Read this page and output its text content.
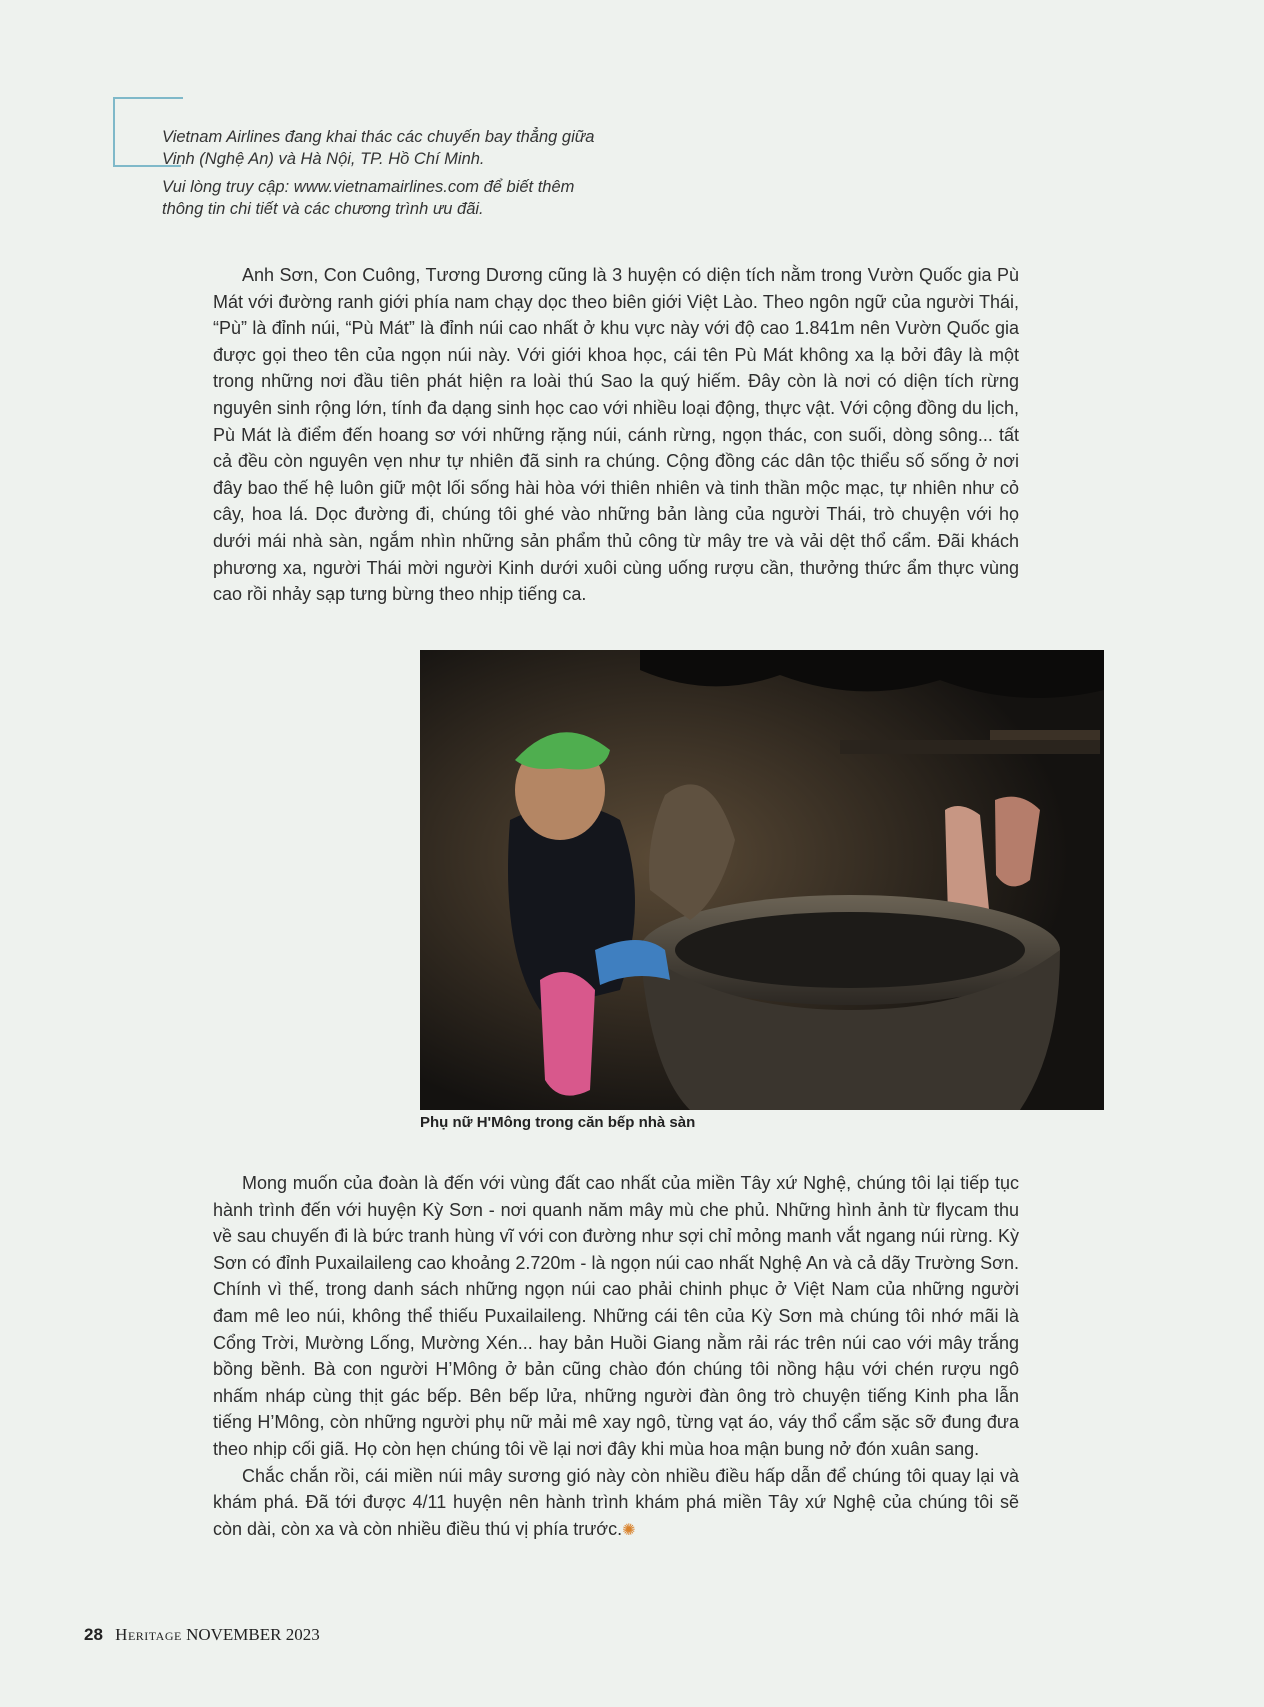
Vietnam Airlines đang khai thác các chuyến bay thẳng giữa Vinh (Nghệ An) và Hà Nội, TP. Hồ Chí Minh.

Vui lòng truy cập: www.vietnamairlines.com để biết thêm thông tin chi tiết và các chương trình ưu đãi.

Anh Sơn, Con Cuông, Tương Dương cũng là 3 huyện có diện tích nằm trong Vườn Quốc gia Pù Mát với đường ranh giới phía nam chạy dọc theo biên giới Việt Lào. Theo ngôn ngữ của người Thái, “Pù” là đỉnh núi, “Pù Mát” là đỉnh núi cao nhất ở khu vực này với độ cao 1.841m nên Vườn Quốc gia được gọi theo tên của ngọn núi này. Với giới khoa học, cái tên Pù Mát không xa lạ bởi đây là một trong những nơi đầu tiên phát hiện ra loài thú Sao la quý hiếm. Đây còn là nơi có diện tích rừng nguyên sinh rộng lớn, tính đa dạng sinh học cao với nhiều loại động, thực vật. Với cộng đồng du lịch, Pù Mát là điểm đến hoang sơ với những rặng núi, cánh rừng, ngọn thác, con suối, dòng sông... tất cả đều còn nguyên vẹn như tự nhiên đã sinh ra chúng. Cộng đồng các dân tộc thiểu số sống ở nơi đây bao thế hệ luôn giữ một lối sống hài hòa với thiên nhiên và tinh thần mộc mạc, tự nhiên như cỏ cây, hoa lá. Dọc đường đi, chúng tôi ghé vào những bản làng của người Thái, trò chuyện với họ dưới mái nhà sàn, ngắm nhìn những sản phẩm thủ công từ mây tre và vải dệt thổ cẩm. Đãi khách phương xa, người Thái mời người Kinh dưới xuôi cùng uống rượu cần, thưởng thức ẩm thực vùng cao rồi nhảy sạp tưng bừng theo nhịp tiếng ca.

Phụ nữ H'Mông trong căn bếp nhà sàn

Mong muốn của đoàn là đến với vùng đất cao nhất của miền Tây xứ Nghệ, chúng tôi lại tiếp tục hành trình đến với huyện Kỳ Sơn - nơi quanh năm mây mù che phủ. Những hình ảnh từ flycam thu về sau chuyến đi là bức tranh hùng vĩ với con đường như sợi chỉ mỏng manh vắt ngang núi rừng. Kỳ Sơn có đỉnh Puxailaileng cao khoảng 2.720m - là ngọn núi cao nhất Nghệ An và cả dãy Trường Sơn. Chính vì thế, trong danh sách những ngọn núi cao phải chinh phục ở Việt Nam của những người đam mê leo núi, không thể thiếu Puxailaileng. Những cái tên của Kỳ Sơn mà chúng tôi nhớ mãi là Cổng Trời, Mường Lống, Mường Xén... hay bản Huồi Giang nằm rải rác trên núi cao với mây trắng bồng bềnh. Bà con người H’Mông ở bản cũng chào đón chúng tôi nồng hậu với chén rượu ngô nhấm nháp cùng thịt gác bếp. Bên bếp lửa, những người đàn ông trò chuyện tiếng Kinh pha lẫn tiếng H’Mông, còn những người phụ nữ mải mê xay ngô, từng vạt áo, váy thổ cẩm sặc sỡ đung đưa theo nhịp cối giã. Họ còn hẹn chúng tôi về lại nơi đây khi mùa hoa mận bung nở đón xuân sang.

Chắc chắn rồi, cái miền núi mây sương gió này còn nhiều điều hấp dẫn để chúng tôi quay lại và khám phá. Đã tới được 4/11 huyện nên hành trình khám phá miền Tây xứ Nghệ của chúng tôi sẽ còn dài, còn xa và còn nhiều điều thú vị phía trước.✺

28 Heritage NOVEMBER 2023
